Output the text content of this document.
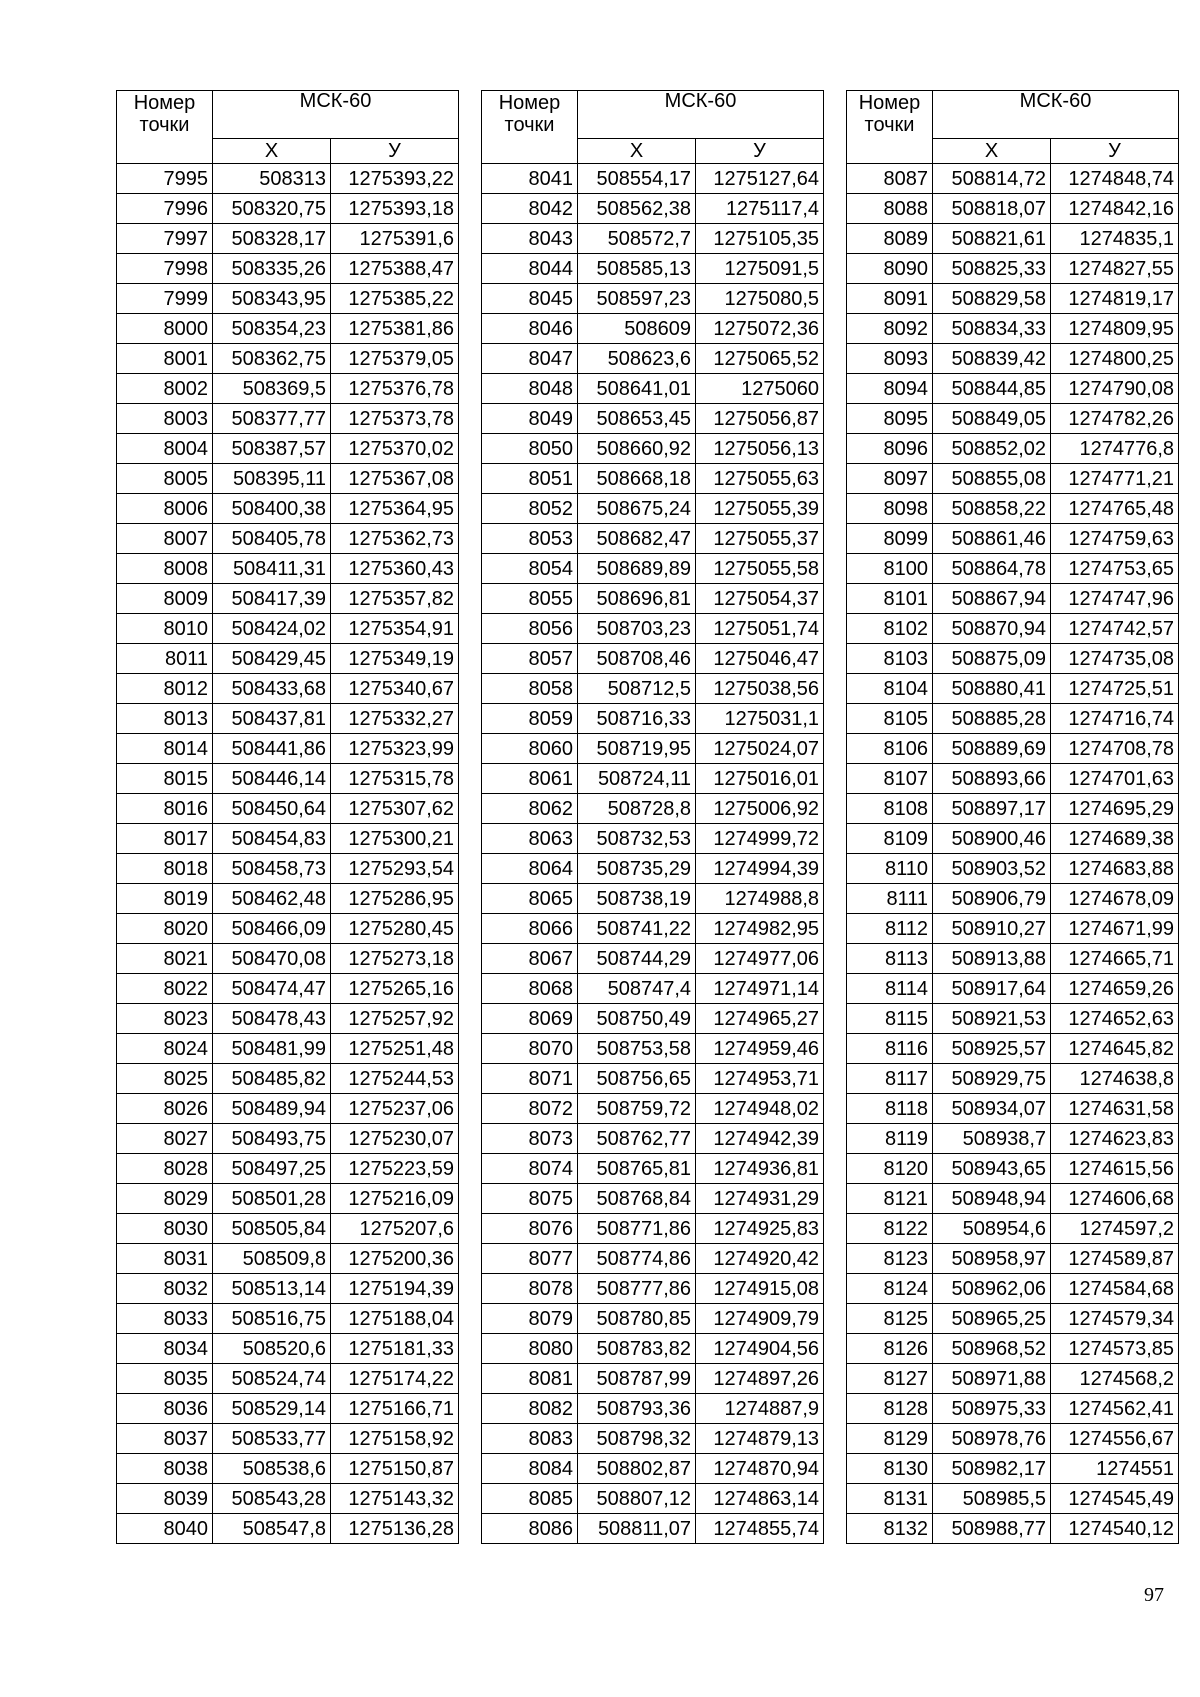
Номер
точки	МСК-60	
	Х	У
7995	508313	1275393,22
7996	508320,75	1275393,18
7997	508328,17	1275391,6
7998	508335,26	1275388,47
7999	508343,95	1275385,22
8000	508354,23	1275381,86
8001	508362,75	1275379,05
8002	508369,5	1275376,78
8003	508377,77	1275373,78
8004	508387,57	1275370,02
8005	508395,11	1275367,08
8006	508400,38	1275364,95
8007	508405,78	1275362,73
8008	508411,31	1275360,43
8009	508417,39	1275357,82
8010	508424,02	1275354,91
8011	508429,45	1275349,19
8012	508433,68	1275340,67
8013	508437,81	1275332,27
8014	508441,86	1275323,99
8015	508446,14	1275315,78
8016	508450,64	1275307,62
8017	508454,83	1275300,21
8018	508458,73	1275293,54
8019	508462,48	1275286,95
8020	508466,09	1275280,45
8021	508470,08	1275273,18
8022	508474,47	1275265,16
8023	508478,43	1275257,92
8024	508481,99	1275251,48
8025	508485,82	1275244,53
8026	508489,94	1275237,06
8027	508493,75	1275230,07
8028	508497,25	1275223,59
8029	508501,28	1275216,09
8030	508505,84	1275207,6
8031	508509,8	1275200,36
8032	508513,14	1275194,39
8033	508516,75	1275188,04
8034	508520,6	1275181,33
8035	508524,74	1275174,22
8036	508529,14	1275166,71
8037	508533,77	1275158,92
8038	508538,6	1275150,87
8039	508543,28	1275143,32
8040	508547,8	1275136,28
Номер
точки	МСК-60	
	Х	У
8041	508554,17	1275127,64
8042	508562,38	1275117,4
8043	508572,7	1275105,35
8044	508585,13	1275091,5
8045	508597,23	1275080,5
8046	508609	1275072,36
8047	508623,6	1275065,52
8048	508641,01	1275060
8049	508653,45	1275056,87
8050	508660,92	1275056,13
8051	508668,18	1275055,63
8052	508675,24	1275055,39
8053	508682,47	1275055,37
8054	508689,89	1275055,58
8055	508696,81	1275054,37
8056	508703,23	1275051,74
8057	508708,46	1275046,47
8058	508712,5	1275038,56
8059	508716,33	1275031,1
8060	508719,95	1275024,07
8061	508724,11	1275016,01
8062	508728,8	1275006,92
8063	508732,53	1274999,72
8064	508735,29	1274994,39
8065	508738,19	1274988,8
8066	508741,22	1274982,95
8067	508744,29	1274977,06
8068	508747,4	1274971,14
8069	508750,49	1274965,27
8070	508753,58	1274959,46
8071	508756,65	1274953,71
8072	508759,72	1274948,02
8073	508762,77	1274942,39
8074	508765,81	1274936,81
8075	508768,84	1274931,29
8076	508771,86	1274925,83
8077	508774,86	1274920,42
8078	508777,86	1274915,08
8079	508780,85	1274909,79
8080	508783,82	1274904,56
8081	508787,99	1274897,26
8082	508793,36	1274887,9
8083	508798,32	1274879,13
8084	508802,87	1274870,94
8085	508807,12	1274863,14
8086	508811,07	1274855,74
Номер
точки	МСК-60	
	Х	У
8087	508814,72	1274848,74
8088	508818,07	1274842,16
8089	508821,61	1274835,1
8090	508825,33	1274827,55
8091	508829,58	1274819,17
8092	508834,33	1274809,95
8093	508839,42	1274800,25
8094	508844,85	1274790,08
8095	508849,05	1274782,26
8096	508852,02	1274776,8
8097	508855,08	1274771,21
8098	508858,22	1274765,48
8099	508861,46	1274759,63
8100	508864,78	1274753,65
8101	508867,94	1274747,96
8102	508870,94	1274742,57
8103	508875,09	1274735,08
8104	508880,41	1274725,51
8105	508885,28	1274716,74
8106	508889,69	1274708,78
8107	508893,66	1274701,63
8108	508897,17	1274695,29
8109	508900,46	1274689,38
8110	508903,52	1274683,88
8111	508906,79	1274678,09
8112	508910,27	1274671,99
8113	508913,88	1274665,71
8114	508917,64	1274659,26
8115	508921,53	1274652,63
8116	508925,57	1274645,82
8117	508929,75	1274638,8
8118	508934,07	1274631,58
8119	508938,7	1274623,83
8120	508943,65	1274615,56
8121	508948,94	1274606,68
8122	508954,6	1274597,2
8123	508958,97	1274589,87
8124	508962,06	1274584,68
8125	508965,25	1274579,34
8126	508968,52	1274573,85
8127	508971,88	1274568,2
8128	508975,33	1274562,41
8129	508978,76	1274556,67
8130	508982,17	1274551
8131	508985,5	1274545,49
8132	508988,77	1274540,12
97
